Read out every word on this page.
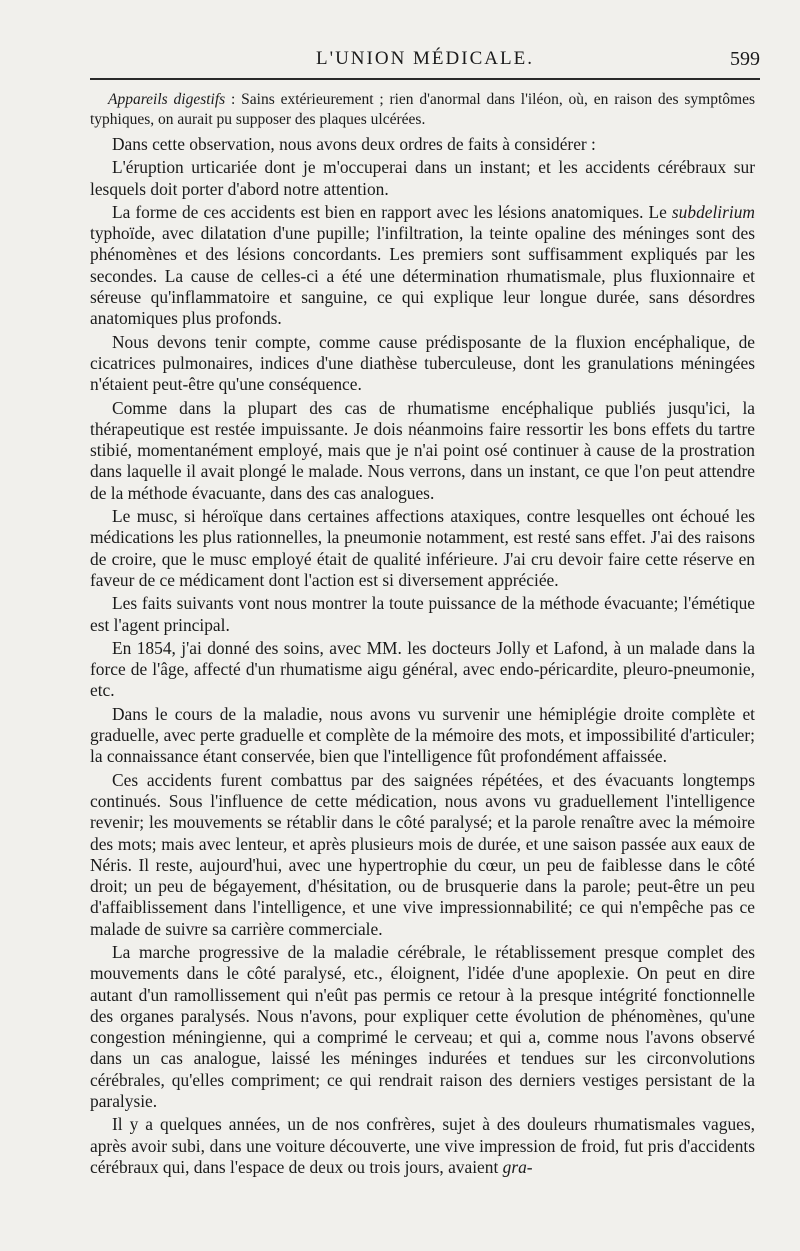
L'UNION MÉDICALE.	599

Appareils digestifs : Sains extérieurement ; rien d'anormal dans l'iléon, où, en raison des symptômes typhiques, on aurait pu supposer des plaques ulcérées.

Dans cette observation, nous avons deux ordres de faits à considérer :

L'éruption urticariée dont je m'occuperai dans un instant; et les accidents cérébraux sur lesquels doit porter d'abord notre attention.

La forme de ces accidents est bien en rapport avec les lésions anatomiques. Le subdelirium typhoïde, avec dilatation d'une pupille; l'infiltration, la teinte opaline des méninges sont des phénomènes et des lésions concordants. Les premiers sont suffisamment expliqués par les secondes. La cause de celles-ci a été une détermination rhumatismale, plus fluxionnaire et séreuse qu'inflammatoire et sanguine, ce qui explique leur longue durée, sans désordres anatomiques plus profonds.

Nous devons tenir compte, comme cause prédisposante de la fluxion encéphalique, de cicatrices pulmonaires, indices d'une diathèse tuberculeuse, dont les granulations méningées n'étaient peut-être qu'une conséquence.

Comme dans la plupart des cas de rhumatisme encéphalique publiés jusqu'ici, la thérapeutique est restée impuissante. Je dois néanmoins faire ressortir les bons effets du tartre stibié, momentanément employé, mais que je n'ai point osé continuer à cause de la prostration dans laquelle il avait plongé le malade. Nous verrons, dans un instant, ce que l'on peut attendre de la méthode évacuante, dans des cas analogues.

Le musc, si héroïque dans certaines affections ataxiques, contre lesquelles ont échoué les médications les plus rationnelles, la pneumonie notamment, est resté sans effet. J'ai des raisons de croire, que le musc employé était de qualité inférieure. J'ai cru devoir faire cette réserve en faveur de ce médicament dont l'action est si diversement appréciée.

Les faits suivants vont nous montrer la toute puissance de la méthode évacuante; l'émétique est l'agent principal.

En 1854, j'ai donné des soins, avec MM. les docteurs Jolly et Lafond, à un malade dans la force de l'âge, affecté d'un rhumatisme aigu général, avec endo-péricardite, pleuro-pneumonie, etc.

Dans le cours de la maladie, nous avons vu survenir une hémiplégie droite complète et graduelle, avec perte graduelle et complète de la mémoire des mots, et impossibilité d'articuler; la connaissance étant conservée, bien que l'intelligence fût profondément affaissée.

Ces accidents furent combattus par des saignées répétées, et des évacuants longtemps continués. Sous l'influence de cette médication, nous avons vu graduellement l'intelligence revenir; les mouvements se rétablir dans le côté paralysé; et la parole renaître avec la mémoire des mots; mais avec lenteur, et après plusieurs mois de durée, et une saison passée aux eaux de Néris. Il reste, aujourd'hui, avec une hypertrophie du cœur, un peu de faiblesse dans le côté droit; un peu de bégayement, d'hésitation, ou de brusquerie dans la parole; peut-être un peu d'affaiblissement dans l'intelligence, et une vive impressionnabilité; ce qui n'empêche pas ce malade de suivre sa carrière commerciale.

La marche progressive de la maladie cérébrale, le rétablissement presque complet des mouvements dans le côté paralysé, etc., éloignent, l'idée d'une apoplexie. On peut en dire autant d'un ramollissement qui n'eût pas permis ce retour à la presque intégrité fonctionnelle des organes paralysés. Nous n'avons, pour expliquer cette évolution de phénomènes, qu'une congestion méningienne, qui a comprimé le cerveau; et qui a, comme nous l'avons observé dans un cas analogue, laissé les méninges indurées et tendues sur les circonvolutions cérébrales, qu'elles compriment; ce qui rendrait raison des derniers vestiges persistant de la paralysie.

Il y a quelques années, un de nos confrères, sujet à des douleurs rhumatismales vagues, après avoir subi, dans une voiture découverte, une vive impression de froid, fut pris d'accidents cérébraux qui, dans l'espace de deux ou trois jours, avaient gra-
